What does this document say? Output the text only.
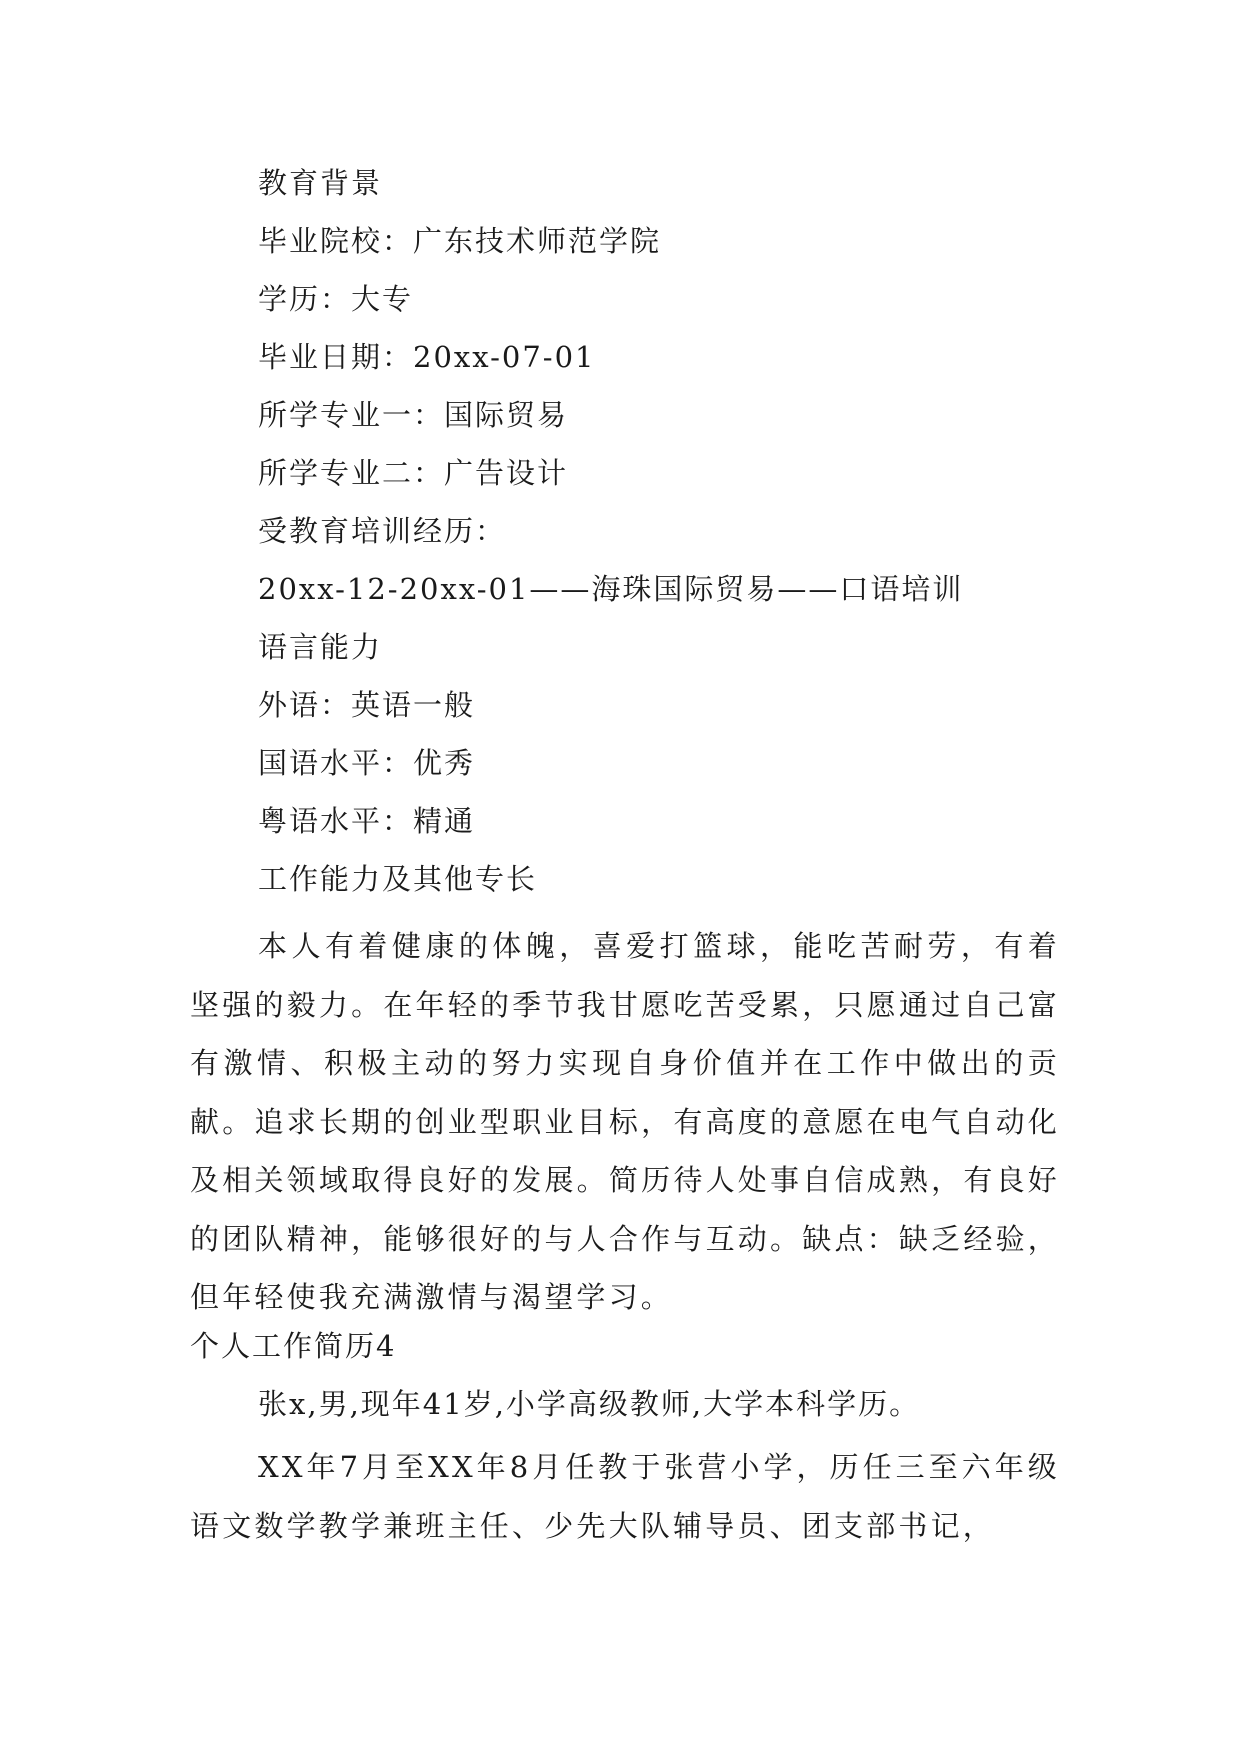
教育背景
毕业院校：广东技术师范学院
学历：大专
毕业日期：20xx-07-01
所学专业一：国际贸易
所学专业二：广告设计
受教育培训经历：
20xx-12-20xx-01——海珠国际贸易——口语培训
语言能力
外语：英语一般
国语水平：优秀
粤语水平：精通
工作能力及其他专长

本人有着健康的体魄，喜爱打篮球，能吃苦耐劳，有着坚强的毅力。在年轻的季节我甘愿吃苦受累，只愿通过自己富有激情、积极主动的努力实现自身价值并在工作中做出的贡献。追求长期的创业型职业目标，有高度的意愿在电气自动化及相关领域取得良好的发展。简历待人处事自信成熟，有良好的团队精神，能够很好的与人合作与互动。缺点：缺乏经验，但年轻使我充满激情与渴望学习。

个人工作简历4
张x,男,现年41岁,小学高级教师,大学本科学历。

XX年7月至XX年8月任教于张营小学，历任三至六年级语文数学教学兼班主任、少先大队辅导员、团支部书记，
